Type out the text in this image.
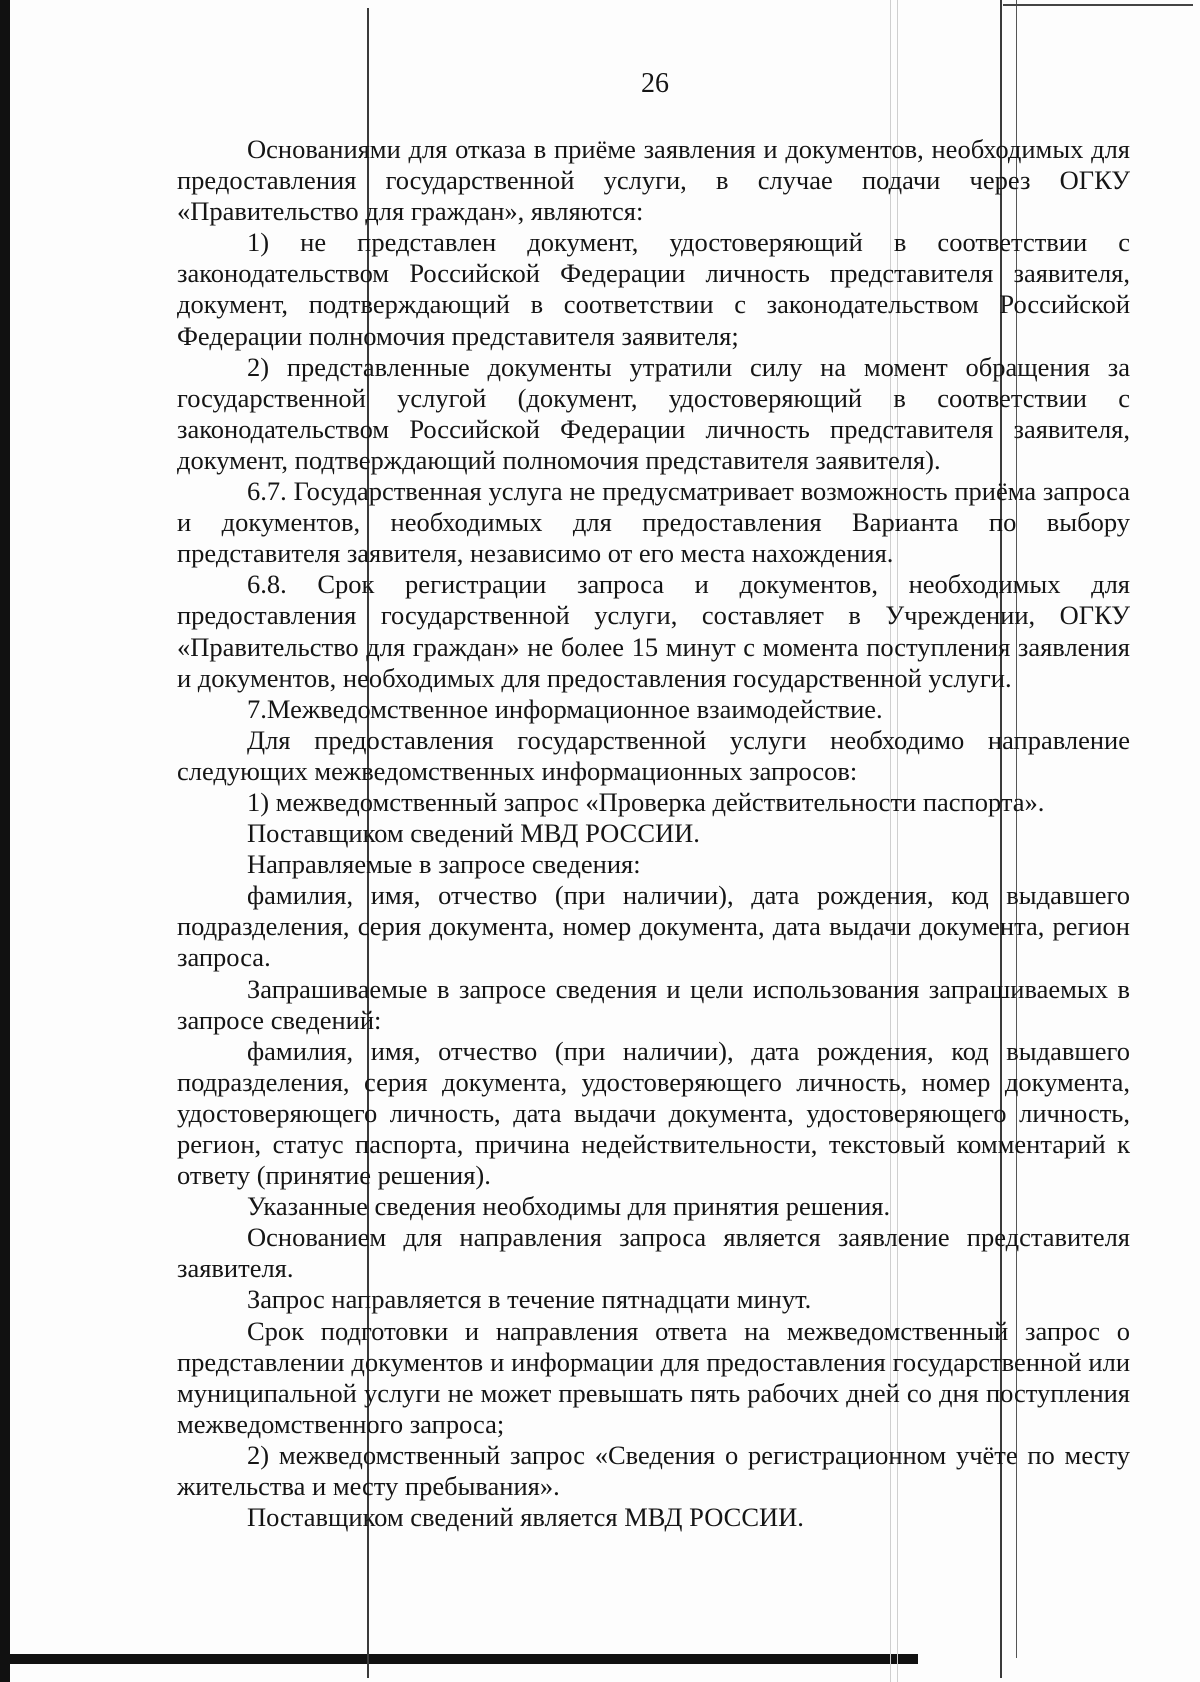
26

Основаниями для отказа в приёме заявления и документов, необходимых для предоставления государственной услуги, в случае подачи через ОГКУ «Правительство для граждан», являются:

1) не представлен документ, удостоверяющий в соответствии с законодательством Российской Федерации личность представителя заявителя, документ, подтверждающий в соответствии с законодательством Российской Федерации полномочия представителя заявителя;

2) представленные документы утратили силу на момент обращения за государственной услугой (документ, удостоверяющий в соответствии с законодательством Российской Федерации личность представителя заявителя, документ, подтверждающий полномочия представителя заявителя).

6.7. Государственная услуга не предусматривает возможность приёма запроса и документов, необходимых для предоставления Варианта по выбору представителя заявителя, независимо от его места нахождения.

6.8. Срок регистрации запроса и документов, необходимых для предоставления государственной услуги, составляет в Учреждении, ОГКУ «Правительство для граждан» не более 15 минут с момента поступления заявления и документов, необходимых для предоставления государственной услуги.

7.Межведомственное информационное взаимодействие.

Для предоставления государственной услуги необходимо направление следующих межведомственных информационных запросов:

1) межведомственный запрос «Проверка действительности паспорта».

Поставщиком сведений МВД РОССИИ.

Направляемые в запросе сведения:

фамилия, имя, отчество (при наличии), дата рождения, код выдавшего подразделения, серия документа, номер документа, дата выдачи документа, регион запроса.

Запрашиваемые в запросе сведения и цели использования запрашиваемых в запросе сведений:

фамилия, имя, отчество (при наличии), дата рождения, код выдавшего подразделения, серия документа, удостоверяющего личность, номер документа, удостоверяющего личность, дата выдачи документа, удостоверяющего личность, регион, статус паспорта, причина недействительности, текстовый комментарий к ответу (принятие решения).

Указанные сведения необходимы для принятия решения.

Основанием для направления запроса является заявление представителя заявителя.

Запрос направляется в течение пятнадцати минут.

Срок подготовки и направления ответа на межведомственный запрос о представлении документов и информации для предоставления государственной или муниципальной услуги не может превышать пять рабочих дней со дня поступления межведомственного запроса;

2) межведомственный запрос «Сведения о регистрационном учёте по месту жительства и месту пребывания».

Поставщиком сведений является МВД РОССИИ.
